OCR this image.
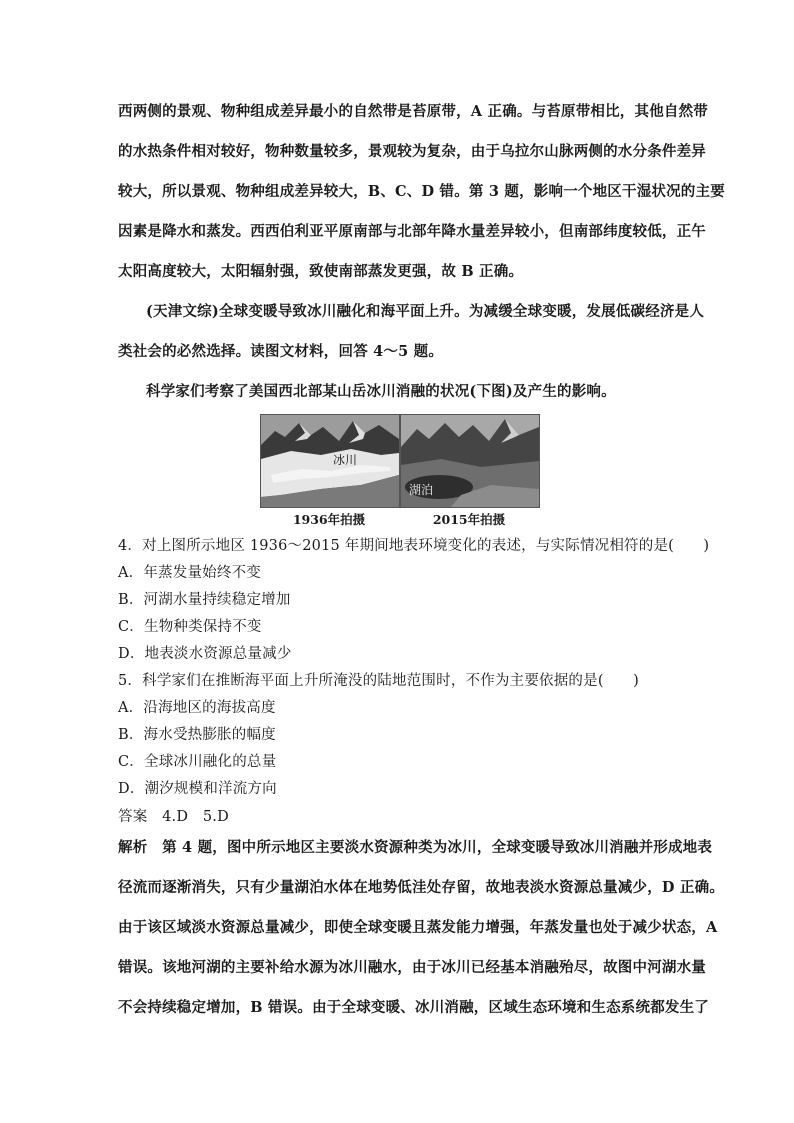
西两侧的景观、物种组成差异最小的自然带是苔原带，A 正确。与苔原带相比，其他自然带
的水热条件相对较好，物种数量较多，景观较为复杂，由于乌拉尔山脉两侧的水分条件差异
较大，所以景观、物种组成差异较大，B、C、D 错。第 3 题，影响一个地区干湿状况的主要
因素是降水和蒸发。西西伯利亚平原南部与北部年降水量差异较小，但南部纬度较低，正午
太阳高度较大，太阳辐射强，致使南部蒸发更强，故 B 正确。
(天津文综)全球变暖导致冰川融化和海平面上升。为减缓全球变暖，发展低碳经济是人
类社会的必然选择。读图文材料，回答 4～5 题。
科学家们考察了美国西北部某山岳冰川消融的状况(下图)及产生的影响。
冰川
湖泊
1936年拍摄	2015年拍摄
4．对上图所示地区 1936～2015 年期间地表环境变化的表述，与实际情况相符的是(　　)
A．年蒸发量始终不变
B．河湖水量持续稳定增加
C．生物种类保持不变
D．地表淡水资源总量减少
5．科学家们在推断海平面上升所淹没的陆地范围时，不作为主要依据的是(　　)
A．沿海地区的海拔高度
B．海水受热膨胀的幅度
C．全球冰川融化的总量
D．潮汐规模和洋流方向
答案　4.D　5.D
解析　第 4 题，图中所示地区主要淡水资源种类为冰川，全球变暖导致冰川消融并形成地表
径流而逐渐消失，只有少量湖泊水体在地势低洼处存留，故地表淡水资源总量减少，D 正确。
由于该区域淡水资源总量减少，即使全球变暖且蒸发能力增强，年蒸发量也处于减少状态，A
错误。该地河湖的主要补给水源为冰川融水，由于冰川已经基本消融殆尽，故图中河湖水量
不会持续稳定增加，B 错误。由于全球变暖、冰川消融，区域生态环境和生态系统都发生了
